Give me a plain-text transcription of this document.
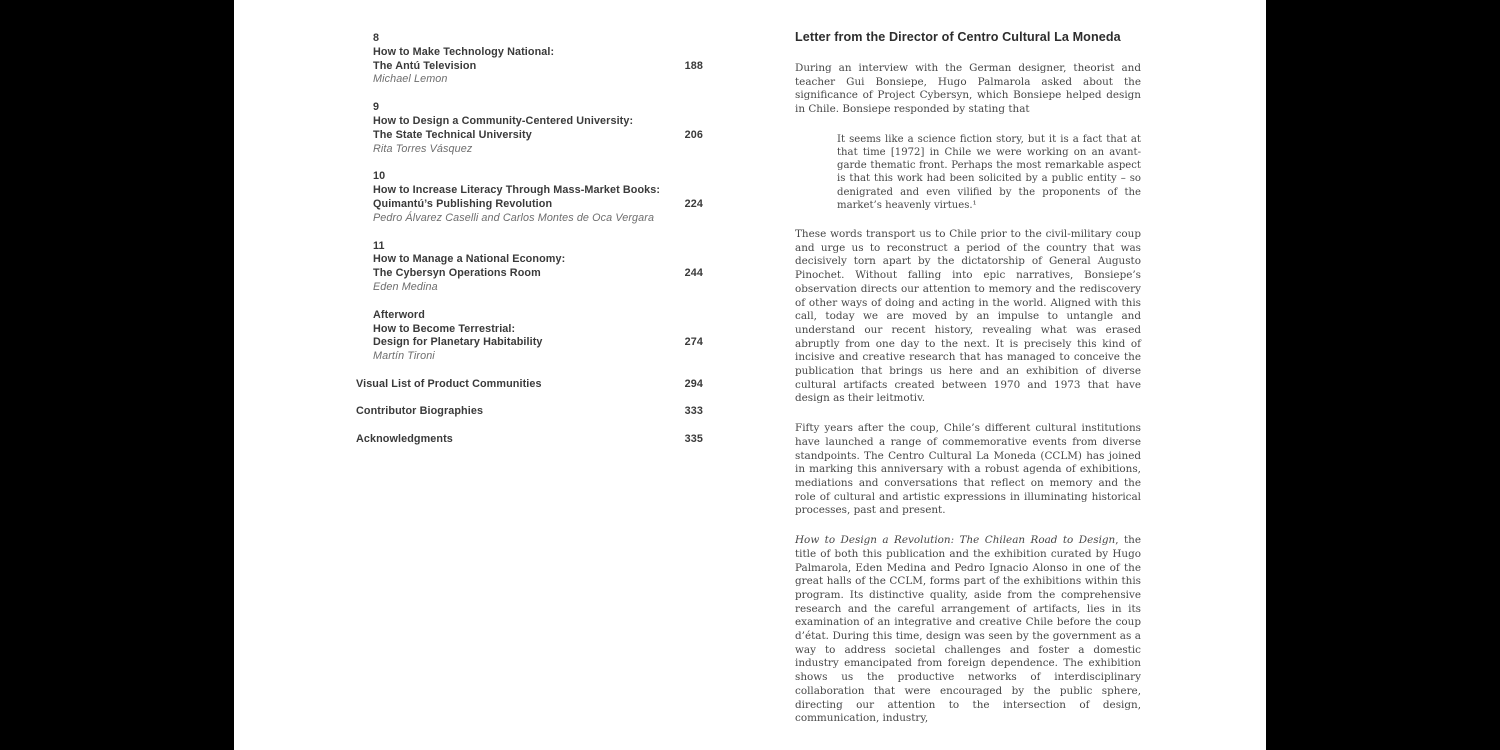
8
How to Make Technology National:
The Antú Television	188
Michael Lemon
9
How to Design a Community-Centered University:
The State Technical University	206
Rita Torres Vásquez
10
How to Increase Literacy Through Mass-Market Books:
Quimantú’s Publishing Revolution	224
Pedro Álvarez Caselli and Carlos Montes de Oca Vergara
11
How to Manage a National Economy:
The Cybersyn Operations Room	244
Eden Medina
Afterword
How to Become Terrestrial:
Design for Planetary Habitability	274
Martín Tironi
Visual List of Product Communities	294
Contributor Biographies	333
Acknowledgments	335
Letter from the Director of Centro Cultural La Moneda

During an interview with the German designer, theorist and teacher Gui Bonsiepe, Hugo Palmarola asked about the significance of Project Cybersyn, which Bonsiepe helped design in Chile. Bonsiepe responded by stating that

It seems like a science fiction story, but it is a fact that at that time [1972] in Chile we were working on an avant-garde thematic front. Perhaps the most remarkable aspect is that this work had been solicited by a public entity – so denigrated and even vilified by the proponents of the market’s heavenly virtues.¹

These words transport us to Chile prior to the civil-military coup and urge us to reconstruct a period of the country that was decisively torn apart by the dictatorship of General Augusto Pinochet. Without falling into epic narratives, Bonsiepe’s observation directs our attention to memory and the rediscovery of other ways of doing and acting in the world. Aligned with this call, today we are moved by an impulse to untangle and understand our recent history, revealing what was erased abruptly from one day to the next. It is precisely this kind of incisive and creative research that has managed to conceive the publication that brings us here and an exhibition of diverse cultural artifacts created between 1970 and 1973 that have design as their leitmotiv.

Fifty years after the coup, Chile’s different cultural institutions have launched a range of commemorative events from diverse standpoints. The Centro Cultural La Moneda (CCLM) has joined in marking this anniversary with a robust agenda of exhibitions, mediations and conversations that reflect on memory and the role of cultural and artistic expressions in illuminating historical processes, past and present.

How to Design a Revolution: The Chilean Road to Design, the title of both this publication and the exhibition curated by Hugo Palmarola, Eden Medina and Pedro Ignacio Alonso in one of the great halls of the CCLM, forms part of the exhibitions within this program. Its distinctive quality, aside from the comprehensive research and the careful arrangement of artifacts, lies in its examination of an integrative and creative Chile before the coup d’état. During this time, design was seen by the government as a way to address societal challenges and foster a domestic industry emancipated from foreign dependence. The exhibition shows us the productive networks of interdisciplinary collaboration that were encouraged by the public sphere, directing our attention to the intersection of design, communication, industry,
